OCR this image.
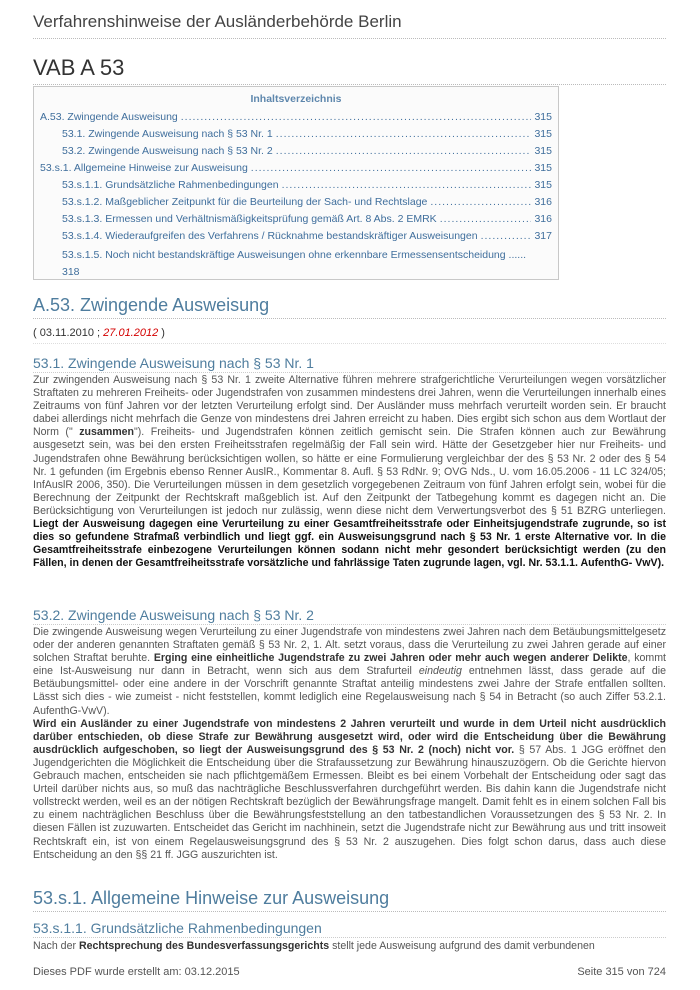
Verfahrenshinweise der Ausländerbehörde Berlin
VAB A 53
Inhaltsverzeichnis
A.53. Zwingende Ausweisung .....	315
53.1. Zwingende Ausweisung nach § 53 Nr. 1 .....	315
53.2. Zwingende Ausweisung nach § 53 Nr. 2 .....	315
53.s.1. Allgemeine Hinweise zur Ausweisung .....	315
53.s.1.1. Grundsätzliche Rahmenbedingungen .....	315
53.s.1.2. Maßgeblicher Zeitpunkt für die Beurteilung der Sach- und Rechtslage .....	316
53.s.1.3. Ermessen und Verhältnismäßigkeitsprüfung gemäß Art. 8 Abs. 2 EMRK .....	316
53.s.1.4. Wiederaufgreifen des Verfahrens / Rücknahme bestandskräftiger Ausweisungen .....	317
53.s.1.5. Noch nicht bestandskräftige Ausweisungen ohne erkennbare Ermessensentscheidung ......
318
A.53. Zwingende Ausweisung
( 03.11.2010 ; 27.01.2012 )
53.1. Zwingende Ausweisung nach § 53 Nr. 1

Zur zwingenden Ausweisung nach § 53 Nr. 1 zweite Alternative führen mehrere strafgerichtliche Verurteilungen wegen vorsätzlicher Straftaten zu mehreren Freiheits- oder Jugendstrafen von zusammen mindestens drei Jahren, wenn die Verurteilungen innerhalb eines Zeitraums von fünf Jahren vor der letzten Verurteilung erfolgt sind. Der Ausländer muss mehrfach verurteilt worden sein. Er braucht dabei allerdings nicht mehrfach die Genze von mindestens drei Jahren erreicht zu haben. Dies ergibt sich schon aus dem Wortlaut der Norm (" zusammen"). Freiheits- und Jugendstrafen können zeitlich gemischt sein. Die Strafen können auch zur Bewährung ausgesetzt sein, was bei den ersten Freiheitsstrafen regelmäßig der Fall sein wird. Hätte der Gesetzgeber hier nur Freiheits- und Jugendstrafen ohne Bewährung berücksichtigen wollen, so hätte er eine Formulierung vergleichbar der des § 53 Nr. 2 oder des § 54 Nr. 1 gefunden (im Ergebnis ebenso Renner AuslR., Kommentar 8. Aufl. § 53 RdNr. 9; OVG Nds., U. vom 16.05.2006 - 11 LC 324/05; InfAuslR 2006, 350). Die Verurteilungen müssen in dem gesetzlich vorgegebenen Zeitraum von fünf Jahren erfolgt sein, wobei für die Berechnung der Zeitpunkt der Rechtskraft maßgeblich ist. Auf den Zeitpunkt der Tatbegehung kommt es dagegen nicht an. Die Berücksichtigung von Verurteilungen ist jedoch nur zulässig, wenn diese nicht dem Verwertungsverbot des § 51 BZRG unterliegen. Liegt der Ausweisung dagegen eine Verurteilung zu einer Gesamtfreiheitsstrafe oder Einheitsjugendstrafe zugrunde, so ist dies so gefundene Strafmaß verbindlich und liegt ggf. ein Ausweisungsgrund nach § 53 Nr. 1 erste Alternative vor. In die Gesamtfreiheitsstrafe einbezogene Verurteilungen können sodann nicht mehr gesondert berücksichtigt werden (zu den Fällen, in denen der Gesamtfreiheitsstrafe vorsätzliche und fahrlässige Taten zugrunde lagen, vgl. Nr. 53.1.1. AufenthG- VwV).

53.2. Zwingende Ausweisung nach § 53 Nr. 2

Die zwingende Ausweisung wegen Verurteilung zu einer Jugendstrafe von mindestens zwei Jahren nach dem Betäubungsmittelgesetz oder der anderen genannten Straftaten gemäß § 53 Nr. 2, 1. Alt. setzt voraus, dass die Verurteilung zu zwei Jahren gerade auf einer solchen Straftat beruhte. Erging eine einheitliche Jugendstrafe zu zwei Jahren oder mehr auch wegen anderer Delikte, kommt eine Ist-Ausweisung nur dann in Betracht, wenn sich aus dem Strafurteil eindeutig entnehmen lässt, dass gerade auf die Betäubungsmittel- oder eine andere in der Vorschrift genannte Straftat anteilig mindestens zwei Jahre der Strafe entfallen sollten. Lässt sich dies - wie zumeist - nicht feststellen, kommt lediglich eine Regelausweisung nach § 54 in Betracht (so auch Ziffer 53.2.1. AufenthG-VwV).
Wird ein Ausländer zu einer Jugendstrafe von mindestens 2 Jahren verurteilt und wurde in dem Urteil nicht ausdrücklich darüber entschieden, ob diese Strafe zur Bewährung ausgesetzt wird, oder wird die Entscheidung über die Bewährung ausdrücklich aufgeschoben, so liegt der Ausweisungsgrund des § 53 Nr. 2 (noch) nicht vor. § 57 Abs. 1 JGG eröffnet den Jugendgerichten die Möglichkeit die Entscheidung über die Strafaussetzung zur Bewährung hinauszuzögern. Ob die Gerichte hiervon Gebrauch machen, entscheiden sie nach pflichtgemäßem Ermessen. Bleibt es bei einem Vorbehalt der Entscheidung oder sagt das Urteil darüber nichts aus, so muß das nachträgliche Beschlussverfahren durchgeführt werden. Bis dahin kann die Jugendstrafe nicht vollstreckt werden, weil es an der nötigen Rechtskraft bezüglich der Bewährungsfrage mangelt. Damit fehlt es in einem solchen Fall bis zu einem nachträglichen Beschluss über die Bewährungsfeststellung an den tatbestandlichen Voraussetzungen des § 53 Nr. 2. In diesen Fällen ist zuzuwarten. Entscheidet das Gericht im nachhinein, setzt die Jugendstrafe nicht zur Bewährung aus und tritt insoweit Rechtskraft ein, ist von einem Regelausweisungsgrund des § 53 Nr. 2 auszugehen. Dies folgt schon darus, dass auch diese Entscheidung an den §§ 21 ff. JGG auszurichten ist.

53.s.1. Allgemeine Hinweise zur Ausweisung
53.s.1.1. Grundsätzliche Rahmenbedingungen

Nach der Rechtsprechung des Bundesverfassungsgerichts stellt jede Ausweisung aufgrund des damit verbundenen

Dieses PDF wurde erstellt am: 03.12.2015	Seite 315 von 724
